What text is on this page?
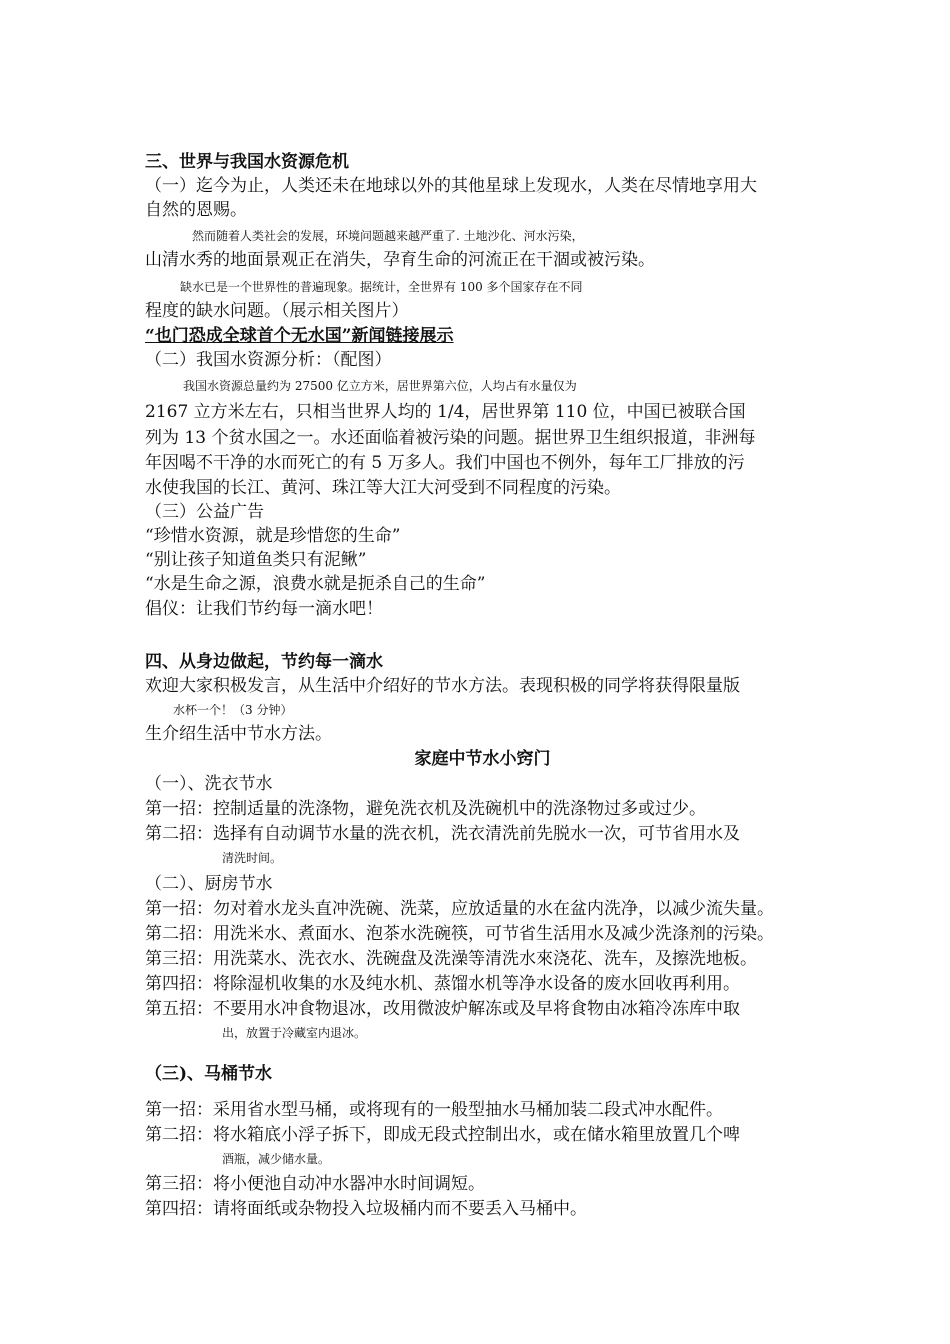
三、世界与我国水资源危机
（一）迄今为止，人类还未在地球以外的其他星球上发现水，人类在尽情地享用大
自然的恩赐。
然而随着人类社会的发展，环境问题越来越严重了. 土地沙化、河水污染，
山清水秀的地面景观正在消失，孕育生命的河流正在干涸或被污染。
缺水已是一个世界性的普遍现象。据统计，全世界有 100 多个国家存在不同
程度的缺水问题。（展示相关图片）
“也门恐成全球首个无水国”新闻链接展示
（二）我国水资源分析：（配图）
我国水资源总量约为 27500 亿立方米，居世界第六位，人均占有水量仅为
2167 立方米左右，只相当世界人均的 1/4，居世界第 110 位，中国已被联合国
列为 13 个贫水国之一。水还面临着被污染的问题。据世界卫生组织报道，非洲每
年因喝不干净的水而死亡的有 5 万多人。我们中国也不例外，每年工厂排放的污
水使我国的长江、黄河、珠江等大江大河受到不同程度的污染。
（三）公益广告
“珍惜水资源，就是珍惜您的生命”
“别让孩子知道鱼类只有泥鳅”
“水是生命之源，浪费水就是扼杀自己的生命”
倡仪：让我们节约每一滴水吧！
四、从身边做起，节约每一滴水
欢迎大家积极发言，从生活中介绍好的节水方法。表现积极的同学将获得限量版
水杯一个！（3 分钟）
生介绍生活中节水方法。
家庭中节水小窍门
（一）、洗衣节水
第一招：控制适量的洗涤物，避免洗衣机及洗碗机中的洗涤物过多或过少。
第二招：选择有自动调节水量的洗衣机，洗衣清洗前先脱水一次，可节省用水及
清洗时间。
（二）、厨房节水
第一招：勿对着水龙头直冲洗碗、洗菜，应放适量的水在盆内洗净，以减少流失量。
第二招：用洗米水、煮面水、泡茶水洗碗筷，可节省生活用水及减少洗涤剂的污染。
第三招：用洗菜水、洗衣水、洗碗盘及洗澡等清洗水來浇花、洗车，及擦洗地板。
第四招：将除湿机收集的水及纯水机、蒸馏水机等净水设备的废水回收再利用。
第五招：不要用水冲食物退冰，改用微波炉解冻或及早将食物由冰箱冷冻库中取
出，放置于冷藏室内退冰。
（三)、马桶节水
第一招：采用省水型马桶，或将现有的一般型抽水马桶加装二段式冲水配件。
第二招：将水箱底小浮子拆下，即成无段式控制出水，或在储水箱里放置几个啤
酒瓶，减少储水量。
第三招：将小便池自动冲水器冲水时间调短。
第四招：请将面纸或杂物投入垃圾桶内而不要丢入马桶中。
